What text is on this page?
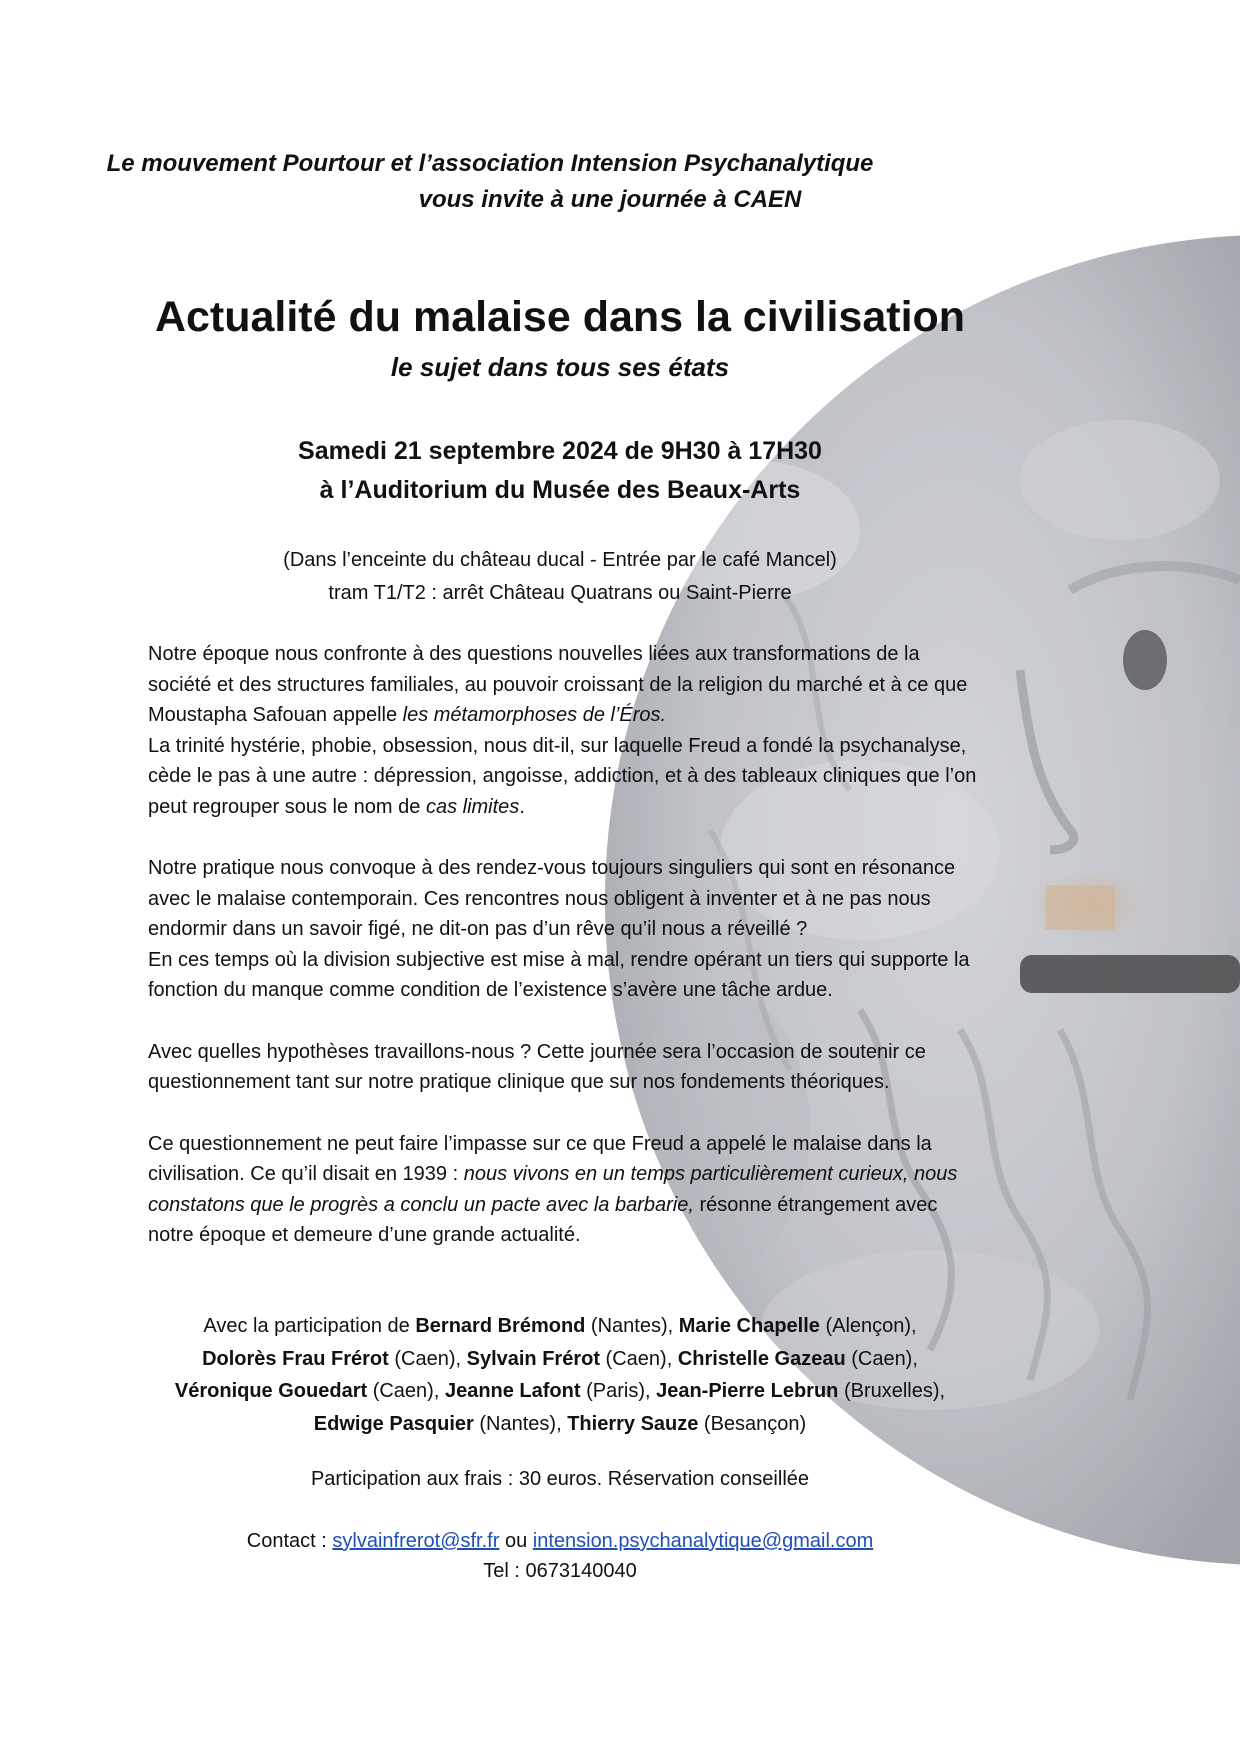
Le mouvement Pourtour et l’association Intension Psychanalytique
vous invite à une journée à CAEN
Actualité du malaise dans la civilisation
le sujet dans tous ses états
Samedi 21 septembre 2024 de 9H30 à 17H30
à l’Auditorium du Musée des Beaux-Arts
(Dans l’enceinte du château ducal - Entrée par le café Mancel)
tram T1/T2 : arrêt Château Quatrans ou Saint-Pierre

Notre époque nous confronte à des questions nouvelles liées aux transformations de la
société et des structures familiales, au pouvoir croissant de la religion du marché et à ce que
Moustapha Safouan appelle les métamorphoses de l’Éros.
La trinité hystérie, phobie, obsession, nous dit-il, sur laquelle Freud a fondé la psychanalyse,
cède le pas à une autre : dépression, angoisse, addiction, et à des tableaux cliniques que l’on
peut regrouper sous le nom de cas limites.

Notre pratique nous convoque à des rendez-vous toujours singuliers qui sont en résonance
avec le malaise contemporain. Ces rencontres nous obligent à inventer et à ne pas nous
endormir dans un savoir figé, ne dit-on pas d’un rêve qu’il nous a réveillé ?
En ces temps où la division subjective est mise à mal, rendre opérant un tiers qui supporte la
fonction du manque comme condition de l’existence s’avère une tâche ardue.

Avec quelles hypothèses travaillons-nous ? Cette journée sera l’occasion de soutenir ce
questionnement tant sur notre pratique clinique que sur nos fondements théoriques.

Ce questionnement ne peut faire l’impasse sur ce que Freud a appelé le malaise dans la
civilisation. Ce qu’il disait en 1939 : nous vivons en un temps particulièrement curieux, nous
constatons que le progrès a conclu un pacte avec la barbarie, résonne étrangement avec
notre époque et demeure d’une grande actualité.

Avec la participation de Bernard Brémond (Nantes), Marie Chapelle (Alençon),
Dolorès Frau Frérot (Caen), Sylvain Frérot (Caen), Christelle Gazeau (Caen),
Véronique Gouedart (Caen), Jeanne Lafont (Paris), Jean-Pierre Lebrun (Bruxelles),
Edwige Pasquier (Nantes), Thierry Sauze (Besançon)
Participation aux frais : 30 euros. Réservation conseillée
Contact : sylvainfrerot@sfr.fr ou intension.psychanalytique@gmail.com
Tel : 0673140040
